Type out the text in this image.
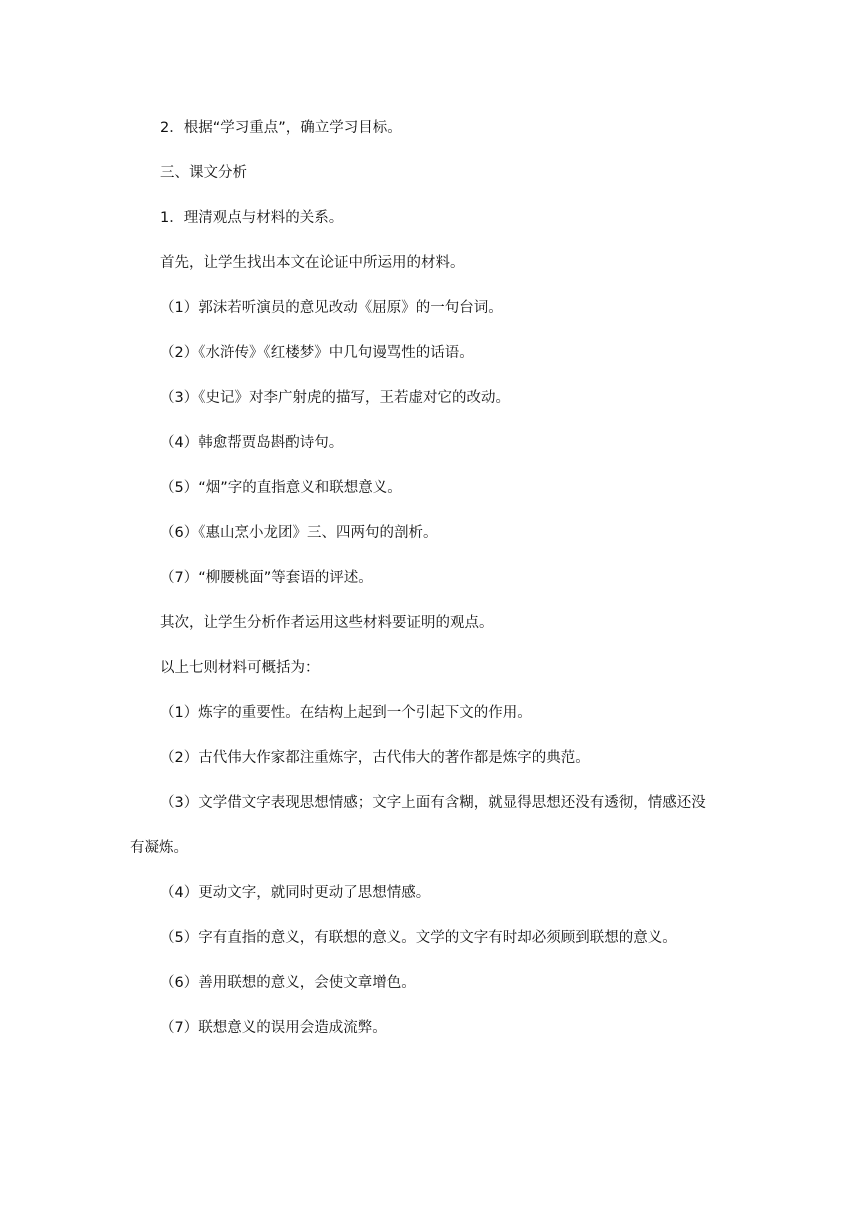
2．根据“学习重点”，确立学习目标。
三、课文分析
1．理清观点与材料的关系。
首先，让学生找出本文在论证中所运用的材料。
（1）郭沫若听演员的意见改动《屈原》的一句台词。
（2）《水浒传》《红楼梦》中几句谩骂性的话语。
（3）《史记》对李广射虎的描写，王若虚对它的改动。
（4）韩愈帮贾岛斟酌诗句。
（5）“烟”字的直指意义和联想意义。
（6）《惠山烹小龙团》三、四两句的剖析。
（7）“柳腰桃面”等套语的评述。
其次，让学生分析作者运用这些材料要证明的观点。
以上七则材料可概括为：
（1）炼字的重要性。在结构上起到一个引起下文的作用。
（2）古代伟大作家都注重炼字，古代伟大的著作都是炼字的典范。
（3）文学借文字表现思想情感；文字上面有含糊，就显得思想还没有透彻，情感还没
有凝炼。
（4）更动文字，就同时更动了思想情感。
（5）字有直指的意义，有联想的意义。文学的文字有时却必须顾到联想的意义。
（6）善用联想的意义，会使文章增色。
（7）联想意义的误用会造成流弊。
